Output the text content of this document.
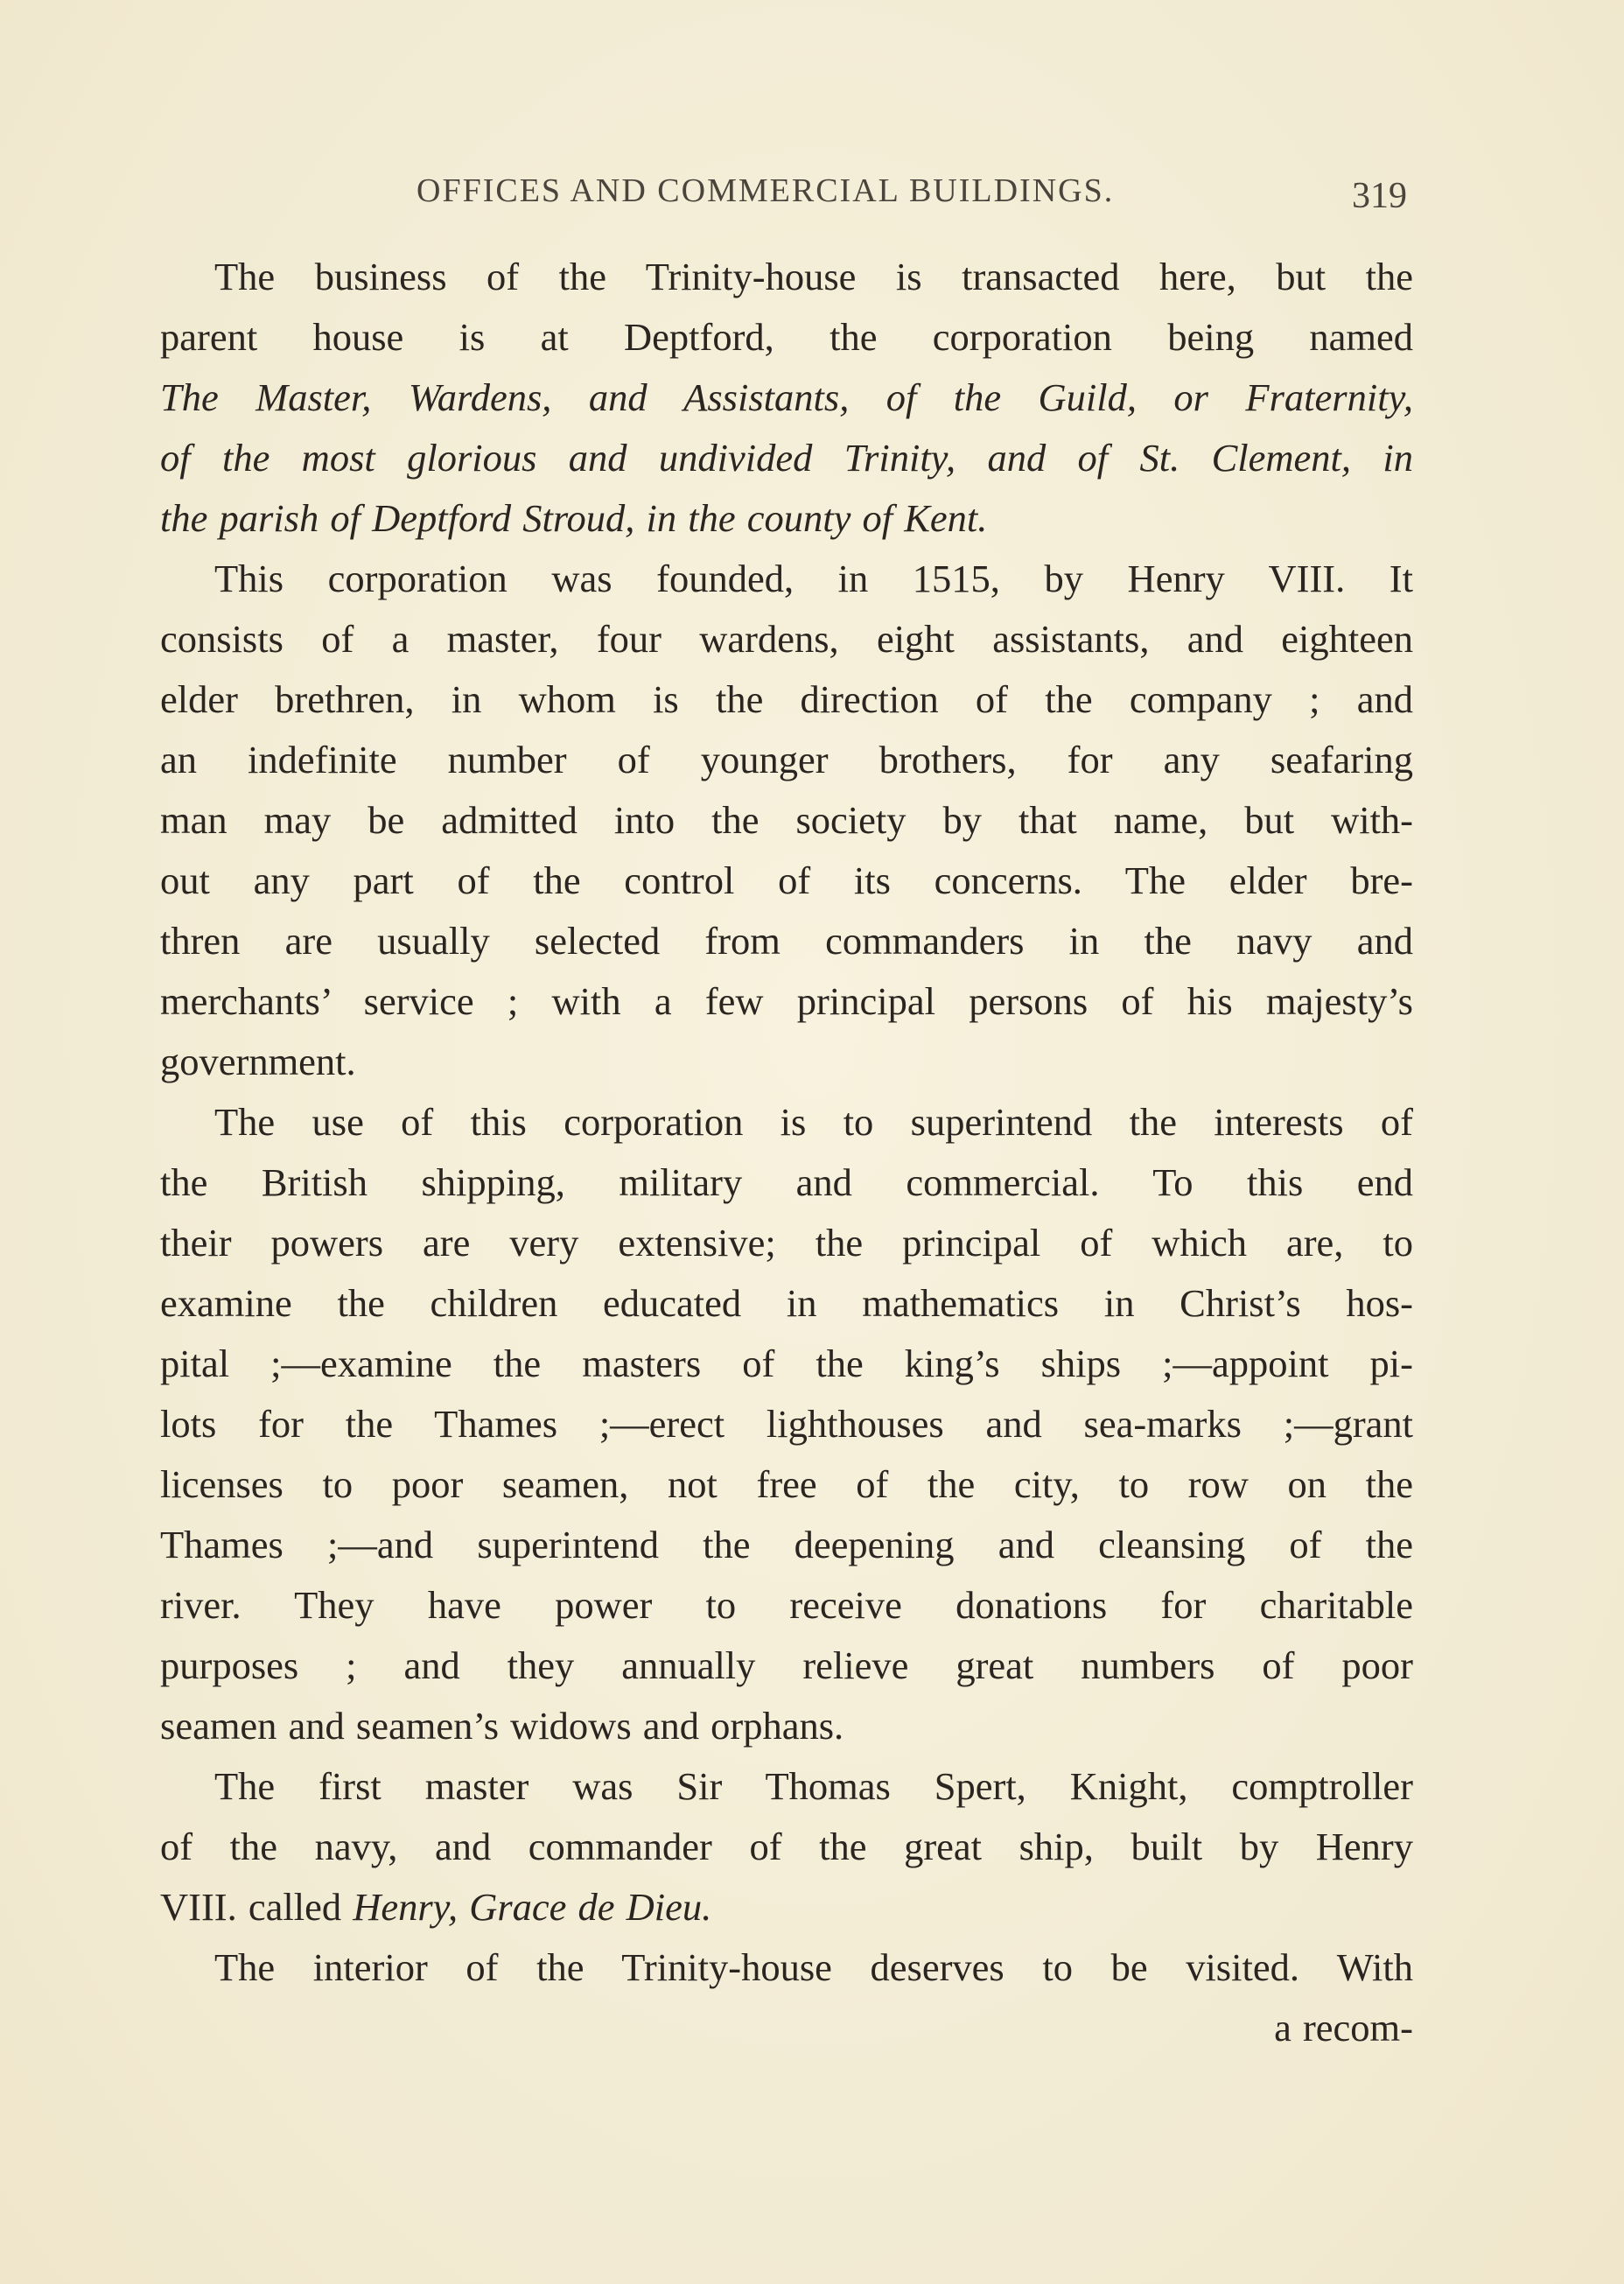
OFFICES AND COMMERCIAL BUILDINGS.	319
The business of the Trinity-house is transacted here, but the
parent house is at Deptford, the corporation being named
The Master, Wardens, and Assistants, of the Guild, or Fraternity,
of the most glorious and undivided Trinity, and of St. Clement, in
the parish of Deptford Stroud, in the county of Kent.
This corporation was founded, in 1515, by Henry VIII. It
consists of a master, four wardens, eight assistants, and eighteen
elder brethren, in whom is the direction of the company ; and
an indefinite number of younger brothers, for any seafaring
man may be admitted into the society by that name, but with-
out any part of the control of its concerns. The elder bre-
thren are usually selected from commanders in the navy and
merchants’ service ; with a few principal persons of his majesty’s
government.
The use of this corporation is to superintend the interests of
the British shipping, military and commercial. To this end
their powers are very extensive; the principal of which are, to
examine the children educated in mathematics in Christ’s hos-
pital ;—examine the masters of the king’s ships ;—appoint pi-
lots for the Thames ;—erect lighthouses and sea-marks ;—grant
licenses to poor seamen, not free of the city, to row on the
Thames ;—and superintend the deepening and cleansing of the
river. They have power to receive donations for charitable
purposes ; and they annually relieve great numbers of poor
seamen and seamen’s widows and orphans.
The first master was Sir Thomas Spert, Knight, comptroller
of the navy, and commander of the great ship, built by Henry
VIII. called Henry, Grace de Dieu.
The interior of the Trinity-house deserves to be visited. With
a recom-
